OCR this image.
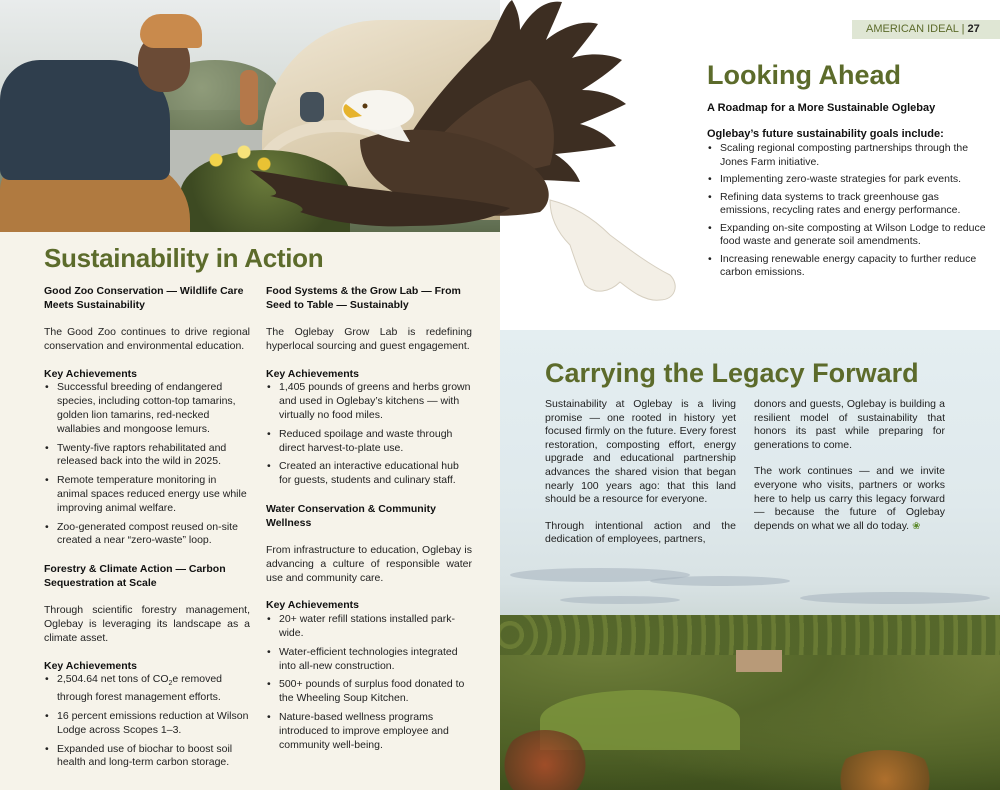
AMERICAN IDEAL | 27
Sustainability in Action
Good Zoo Conservation — Wildlife Care Meets Sustainability

The Good Zoo continues to drive regional conservation and environmental education.

Key Achievements
• Successful breeding of endangered species, including cotton-top tamarins, golden lion tamarins, red-necked wallabies and mongoose lemurs.
• Twenty-five raptors rehabilitated and released back into the wild in 2025.
• Remote temperature monitoring in animal spaces reduced energy use while improving animal welfare.
• Zoo-generated compost reused on-site created a near “zero-waste” loop.
Forestry & Climate Action — Carbon Sequestration at Scale

Through scientific forestry management, Oglebay is leveraging its landscape as a climate asset.

Key Achievements
• 2,504.64 net tons of $CO_2e$ removed through forest management efforts.
• 16 percent emissions reduction at Wilson Lodge across Scopes 1–3.
• Expanded use of biochar to boost soil health and long-term carbon storage.
Food Systems & the Grow Lab — From Seed to Table — Sustainably

The Oglebay Grow Lab is redefining hyperlocal sourcing and guest engagement.

Key Achievements
• 1,405 pounds of greens and herbs grown and used in Oglebay’s kitchens — with virtually no food miles.
• Reduced spoilage and waste through direct harvest-to-plate use.
• Created an interactive educational hub for guests, students and culinary staff.
Water Conservation & Community Wellness

From infrastructure to education, Oglebay is advancing a culture of responsible water use and community care.

Key Achievements
• 20+ water refill stations installed park-wide.
• Water-efficient technologies integrated into all-new construction.
• 500+ pounds of surplus food donated to the Wheeling Soup Kitchen.
• Nature-based wellness programs introduced to improve employee and community well-being.
Looking Ahead
A Roadmap for a More Sustainable Oglebay
Oglebay’s future sustainability goals include:
• Scaling regional composting partnerships through the Jones Farm initiative.
• Implementing zero-waste strategies for park events.
• Refining data systems to track greenhouse gas emissions, recycling rates and energy performance.
• Expanding on-site composting at Wilson Lodge to reduce food waste and generate soil amendments.
• Increasing renewable energy capacity to further reduce carbon emissions.
Carrying the Legacy Forward

Sustainability at Oglebay is a living promise — one rooted in history yet focused firmly on the future. Every forest restoration, composting effort, energy upgrade and educational partnership advances the shared vision that began nearly 100 years ago: that this land should be a resource for everyone.

Through intentional action and the dedication of employees, partners,

donors and guests, Oglebay is building a resilient model of sustainability that honors its past while preparing for generations to come.

The work continues — and we invite everyone who visits, partners or works here to help us carry this legacy forward — because the future of Oglebay depends on what we all do today. ❀
